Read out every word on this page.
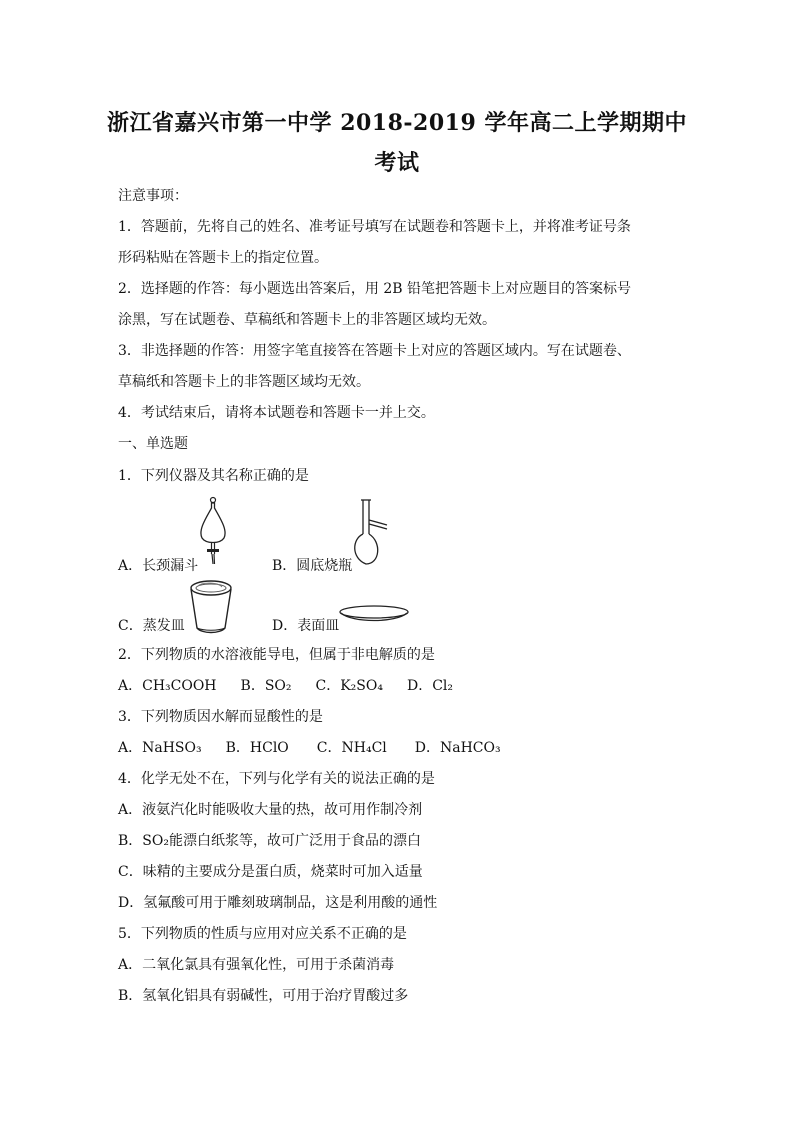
浙江省嘉兴市第一中学 2018-2019 学年高二上学期期中
考试

注意事项：

1．答题前，先将自己的姓名、准考证号填写在试题卷和答题卡上，并将准考证号条

形码粘贴在答题卡上的指定位置。

2．选择题的作答：每小题选出答案后，用 2B 铅笔把答题卡上对应题目的答案标号

涂黑，写在试题卷、草稿纸和答题卡上的非答题区域均无效。

3．非选择题的作答：用签字笔直接答在答题卡上对应的答题区域内。写在试题卷、

草稿纸和答题卡上的非答题区域均无效。

4．考试结束后，请将本试题卷和答题卡一并上交。

一、单选题

1．下列仪器及其名称正确的是

A．长颈漏斗	B．圆底烧瓶

C．蒸发皿	D．表面皿

2．下列物质的水溶液能导电，但属于非电解质的是

A．CH₃COOH B．SO₂ C．K₂SO₄ D．Cl₂

3．下列物质因水解而显酸性的是

A．NaHSO₃ B．HClO C．NH₄Cl D．NaHCO₃

4．化学无处不在，下列与化学有关的说法正确的是

A．液氨汽化时能吸收大量的热，故可用作制冷剂

B．SO₂能漂白纸浆等，故可广泛用于食品的漂白

C．味精的主要成分是蛋白质，烧菜时可加入适量

D．氢氟酸可用于雕刻玻璃制品，这是利用酸的通性

5．下列物质的性质与应用对应关系不正确的是

A．二氧化氯具有强氧化性，可用于杀菌消毒

B．氢氧化铝具有弱碱性，可用于治疗胃酸过多
